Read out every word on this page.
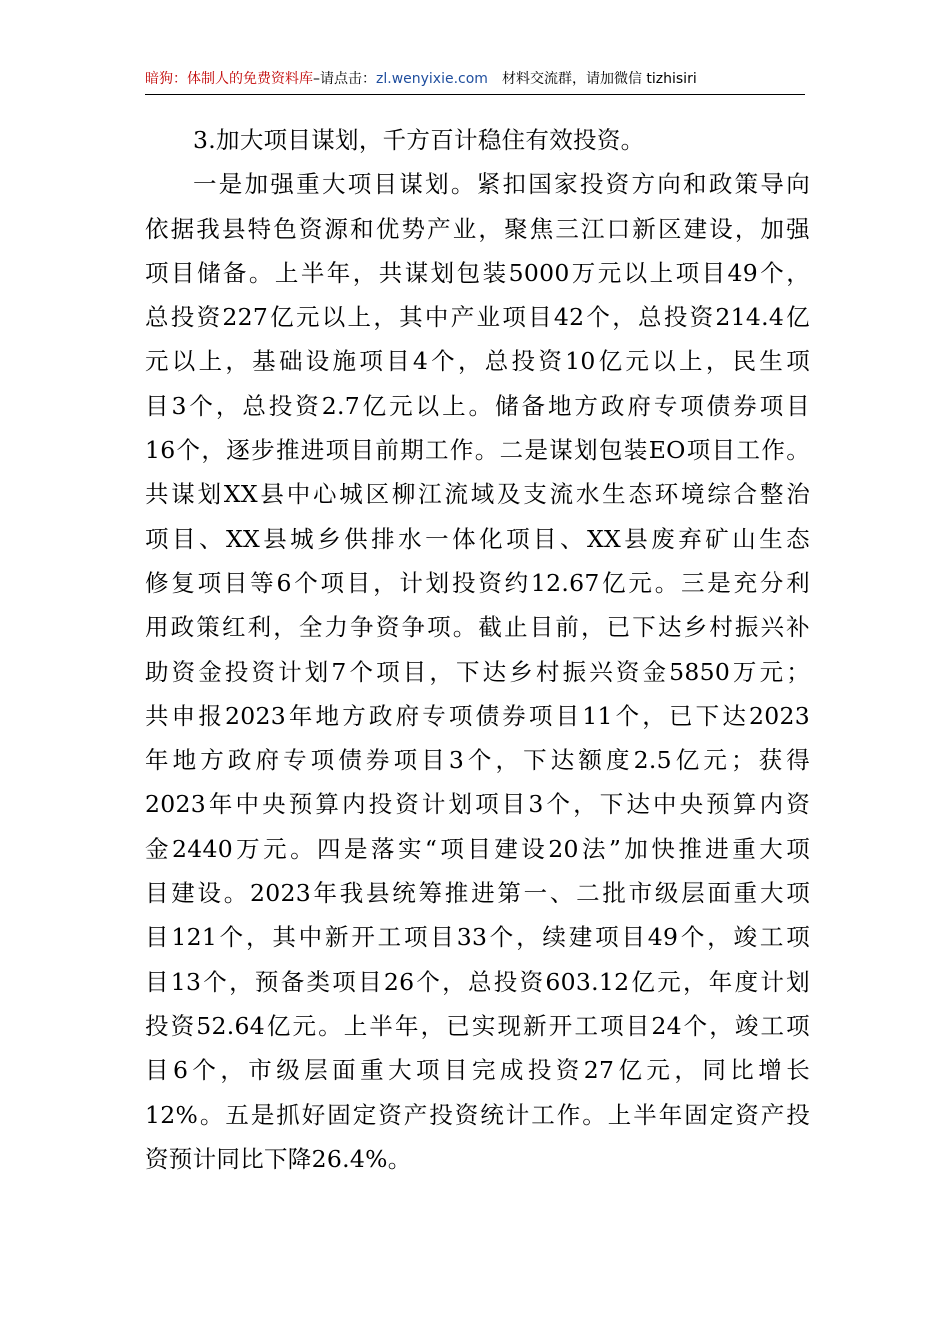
暗狗：体制人的免费资料库–请点击：zl.wenyixie.com 材料交流群，请加微信 tizhisiri
3.加大项目谋划，千方百计稳住有效投资。
一是加强重大项目谋划。紧扣国家投资方向和政策导向
依据我县特色资源和优势产业，聚焦三江口新区建设，加强
项目储备。上半年，共谋划包装5000万元以上项目49个，
总投资227亿元以上，其中产业项目42个，总投资214.4亿
元以上，基础设施项目4个，总投资10亿元以上，民生项
目3个，总投资2.7亿元以上。储备地方政府专项债券项目
16个，逐步推进项目前期工作。二是谋划包装EO项目工作。
共谋划XX县中心城区柳江流域及支流水生态环境综合整治
项目、XX县城乡供排水一体化项目、XX县废弃矿山生态
修复项目等6个项目，计划投资约12.67亿元。三是充分利
用政策红利，全力争资争项。截止目前，已下达乡村振兴补
助资金投资计划7个项目，下达乡村振兴资金5850万元；
共申报2023年地方政府专项债券项目11个，已下达2023
年地方政府专项债券项目3个，下达额度2.5亿元；获得
2023年中央预算内投资计划项目3个，下达中央预算内资
金2440万元。四是落实“项目建设20法”加快推进重大项
目建设。2023年我县统筹推进第一、二批市级层面重大项
目121个，其中新开工项目33个，续建项目49个，竣工项
目13个，预备类项目26个，总投资603.12亿元，年度计划
投资52.64亿元。上半年，已实现新开工项目24个，竣工项
目6个，市级层面重大项目完成投资27亿元，同比增长
12%。五是抓好固定资产投资统计工作。上半年固定资产投
资预计同比下降26.4%。
